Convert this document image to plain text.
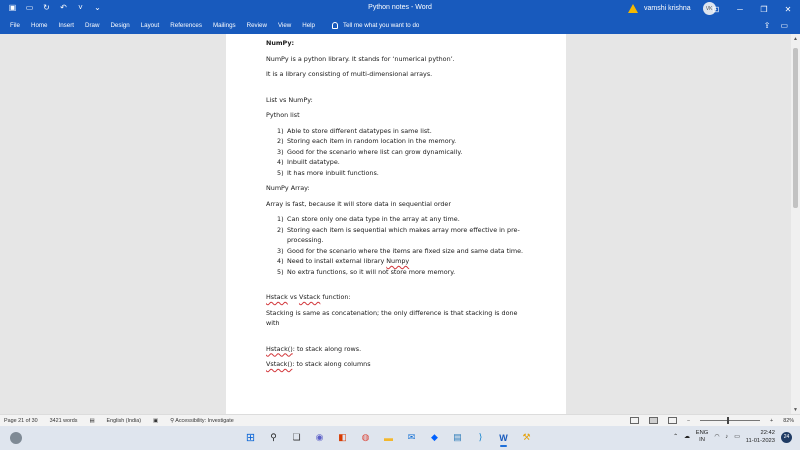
▣ ▭ ↻ ↶ ˅ ⌄	Python notes - Word	vamshi krishna	VK ⊡	─	❐	✕
File Home Insert Draw Design Layout References Mailings Review View Help	Tell me what you want to do	⇪ ▭

NumPy:

NumPy is a python library. It stands for ‘numerical python’.

It is a library consisting of multi-dimensional arrays.

List vs NumPy:

Python list

1) Able to store different datatypes in same list.
2) Storing each item in random location in the memory.
3) Good for the scenario where list can grow dynamically.
4) Inbuilt datatype.
5) It has more inbuilt functions.

NumPy Array:

Array is fast, because it will store data in sequential order

1) Can store only one data type in the array at any time.
2) Storing each item is sequential which makes array more effective in pre-processing.
3) Good for the scenario where the items are fixed size and same data time.
4) Need to install external library Numpy
5) No extra functions, so it will not store more memory.

Hstack vs Vstack function:

Stacking is same as concatenation; the only difference is that stacking is done with

Hstack(): to stack along rows.

Vstack(): to stack along columns

▲
▼
Page 21 of 30 3421 words ▤ English (India) ▣ ⚲ Accessibility: Investigate	−	+ 82%
⊞	⚲	❏	◉	◧	◍	▬	✉	◆	▤	⟩	W	⚒	⌃ ☁
ENG
IN	◠ ♪ ▭
22:42
11-01-2023
24
